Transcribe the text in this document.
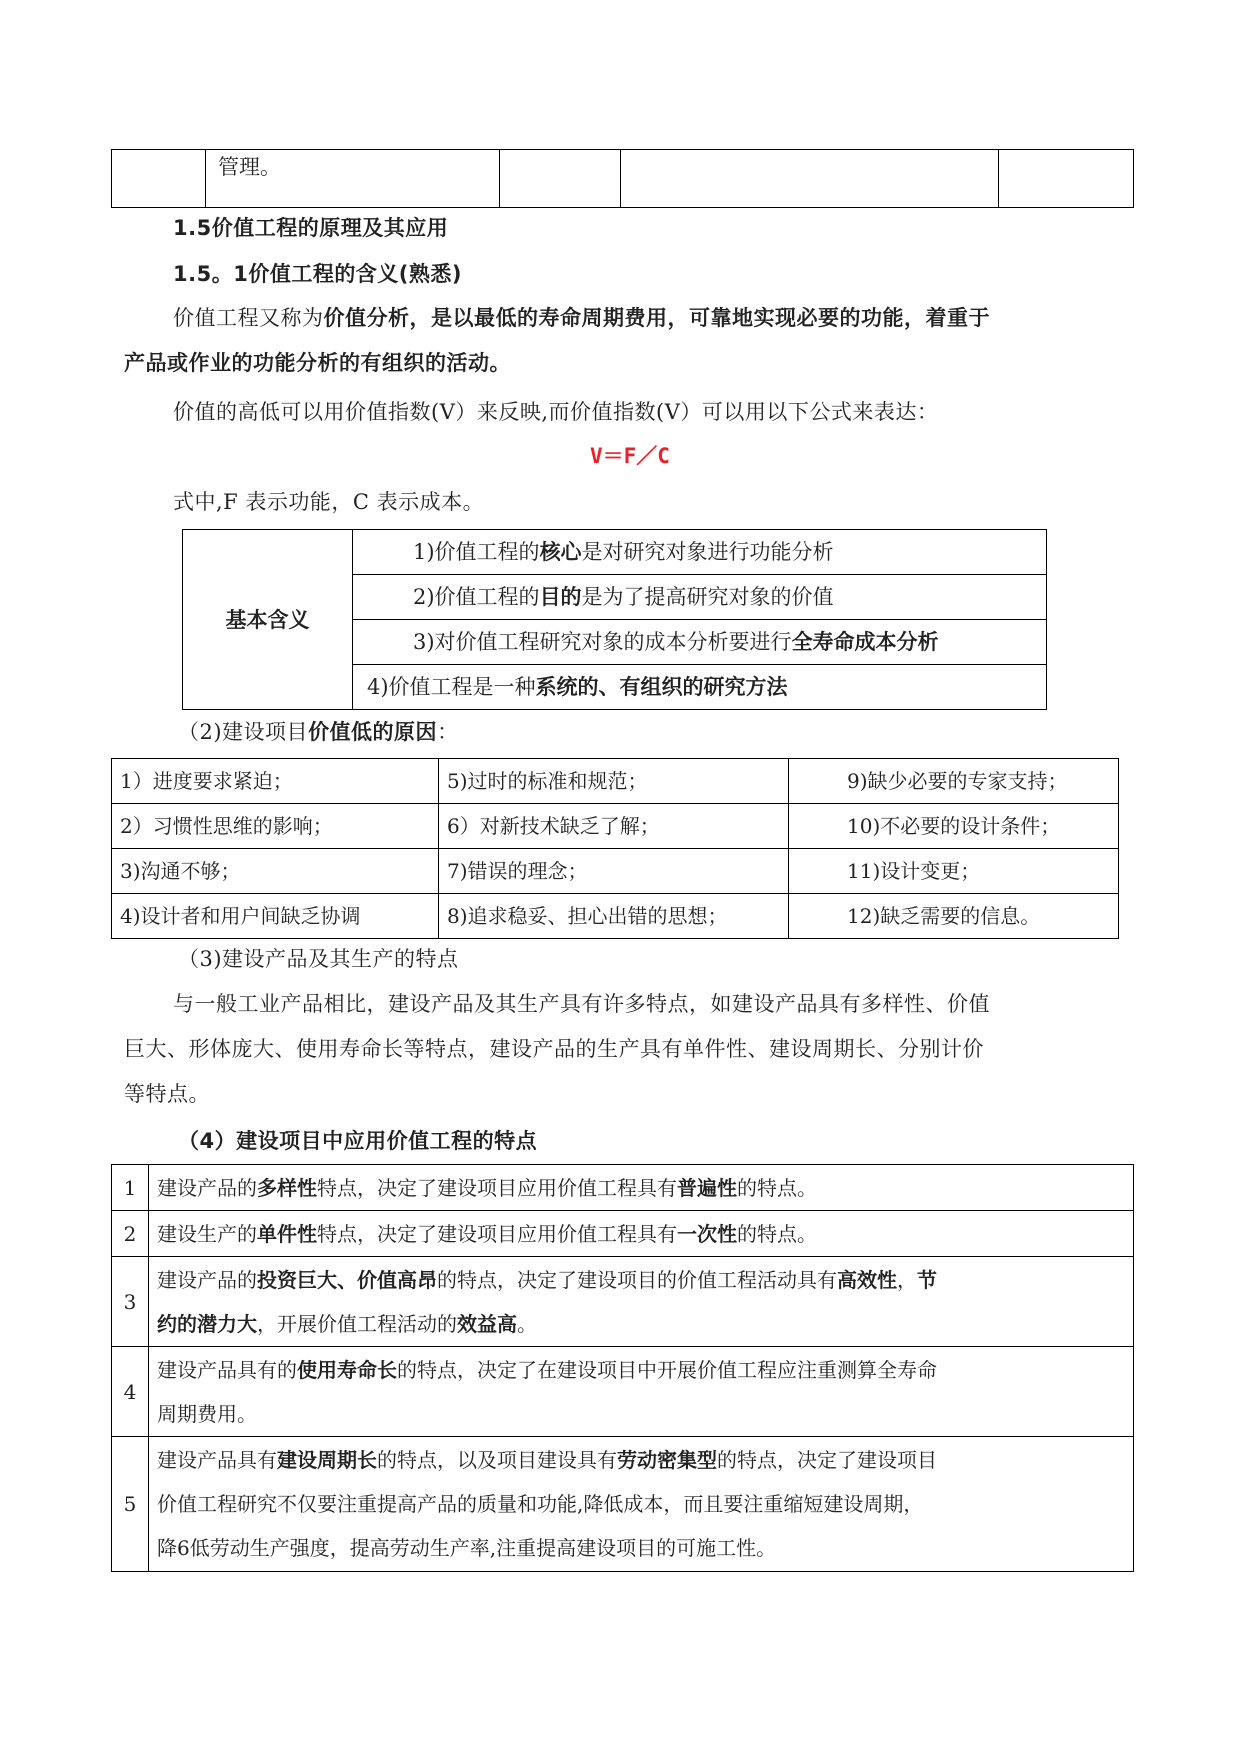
	管理。			
1.5价值工程的原理及其应用
1.5。1价值工程的含义(熟悉)
价值工程又称为价值分析，是以最低的寿命周期费用，可靠地实现必要的功能，着重于
产品或作业的功能分析的有组织的活动。
价值的高低可以用价值指数(V）来反映,而价值指数(V）可以用以下公式来表达：
V＝F／C
式中,F 表示功能，C 表示成本。
基本含义	1)价值工程的核心是对研究对象进行功能分析
2)价值工程的目的是为了提高研究对象的价值
3)对价值工程研究对象的成本分析要进行全寿命成本分析
4)价值工程是一种系统的、有组织的研究方法
（2)建设项目价值低的原因：
1）进度要求紧迫；	5)过时的标准和规范；	9)缺少必要的专家支持；
2）习惯性思维的影响；	6）对新技术缺乏了解；	10)不必要的设计条件；
3)沟通不够；	7)错误的理念；	11)设计变更；
4)设计者和用户间缺乏协调	8)追求稳妥、担心出错的思想；	12)缺乏需要的信息。
（3)建设产品及其生产的特点
与一般工业产品相比，建设产品及其生产具有许多特点，如建设产品具有多样性、价值
巨大、形体庞大、使用寿命长等特点，建设产品的生产具有单件性、建设周期长、分别计价
等特点。
（4）建设项目中应用价值工程的特点
1	建设产品的多样性特点，决定了建设项目应用价值工程具有普遍性的特点。

2	建设生产的单件性特点，决定了建设项目应用价值工程具有一次性的特点。

3	建设产品的投资巨大、价值高昂的特点，决定了建设项目的价值工程活动具有高效性，节
约的潜力大，开展价值工程活动的效益高。

4	建设产品具有的使用寿命长的特点，决定了在建设项目中开展价值工程应注重测算全寿命
周期费用。

5	建设产品具有建设周期长的特点，以及项目建设具有劳动密集型的特点，决定了建设项目
价值工程研究不仅要注重提高产品的质量和功能,降低成本，而且要注重缩短建设周期，
降6低劳动生产强度，提高劳动生产率,注重提高建设项目的可施工性。
